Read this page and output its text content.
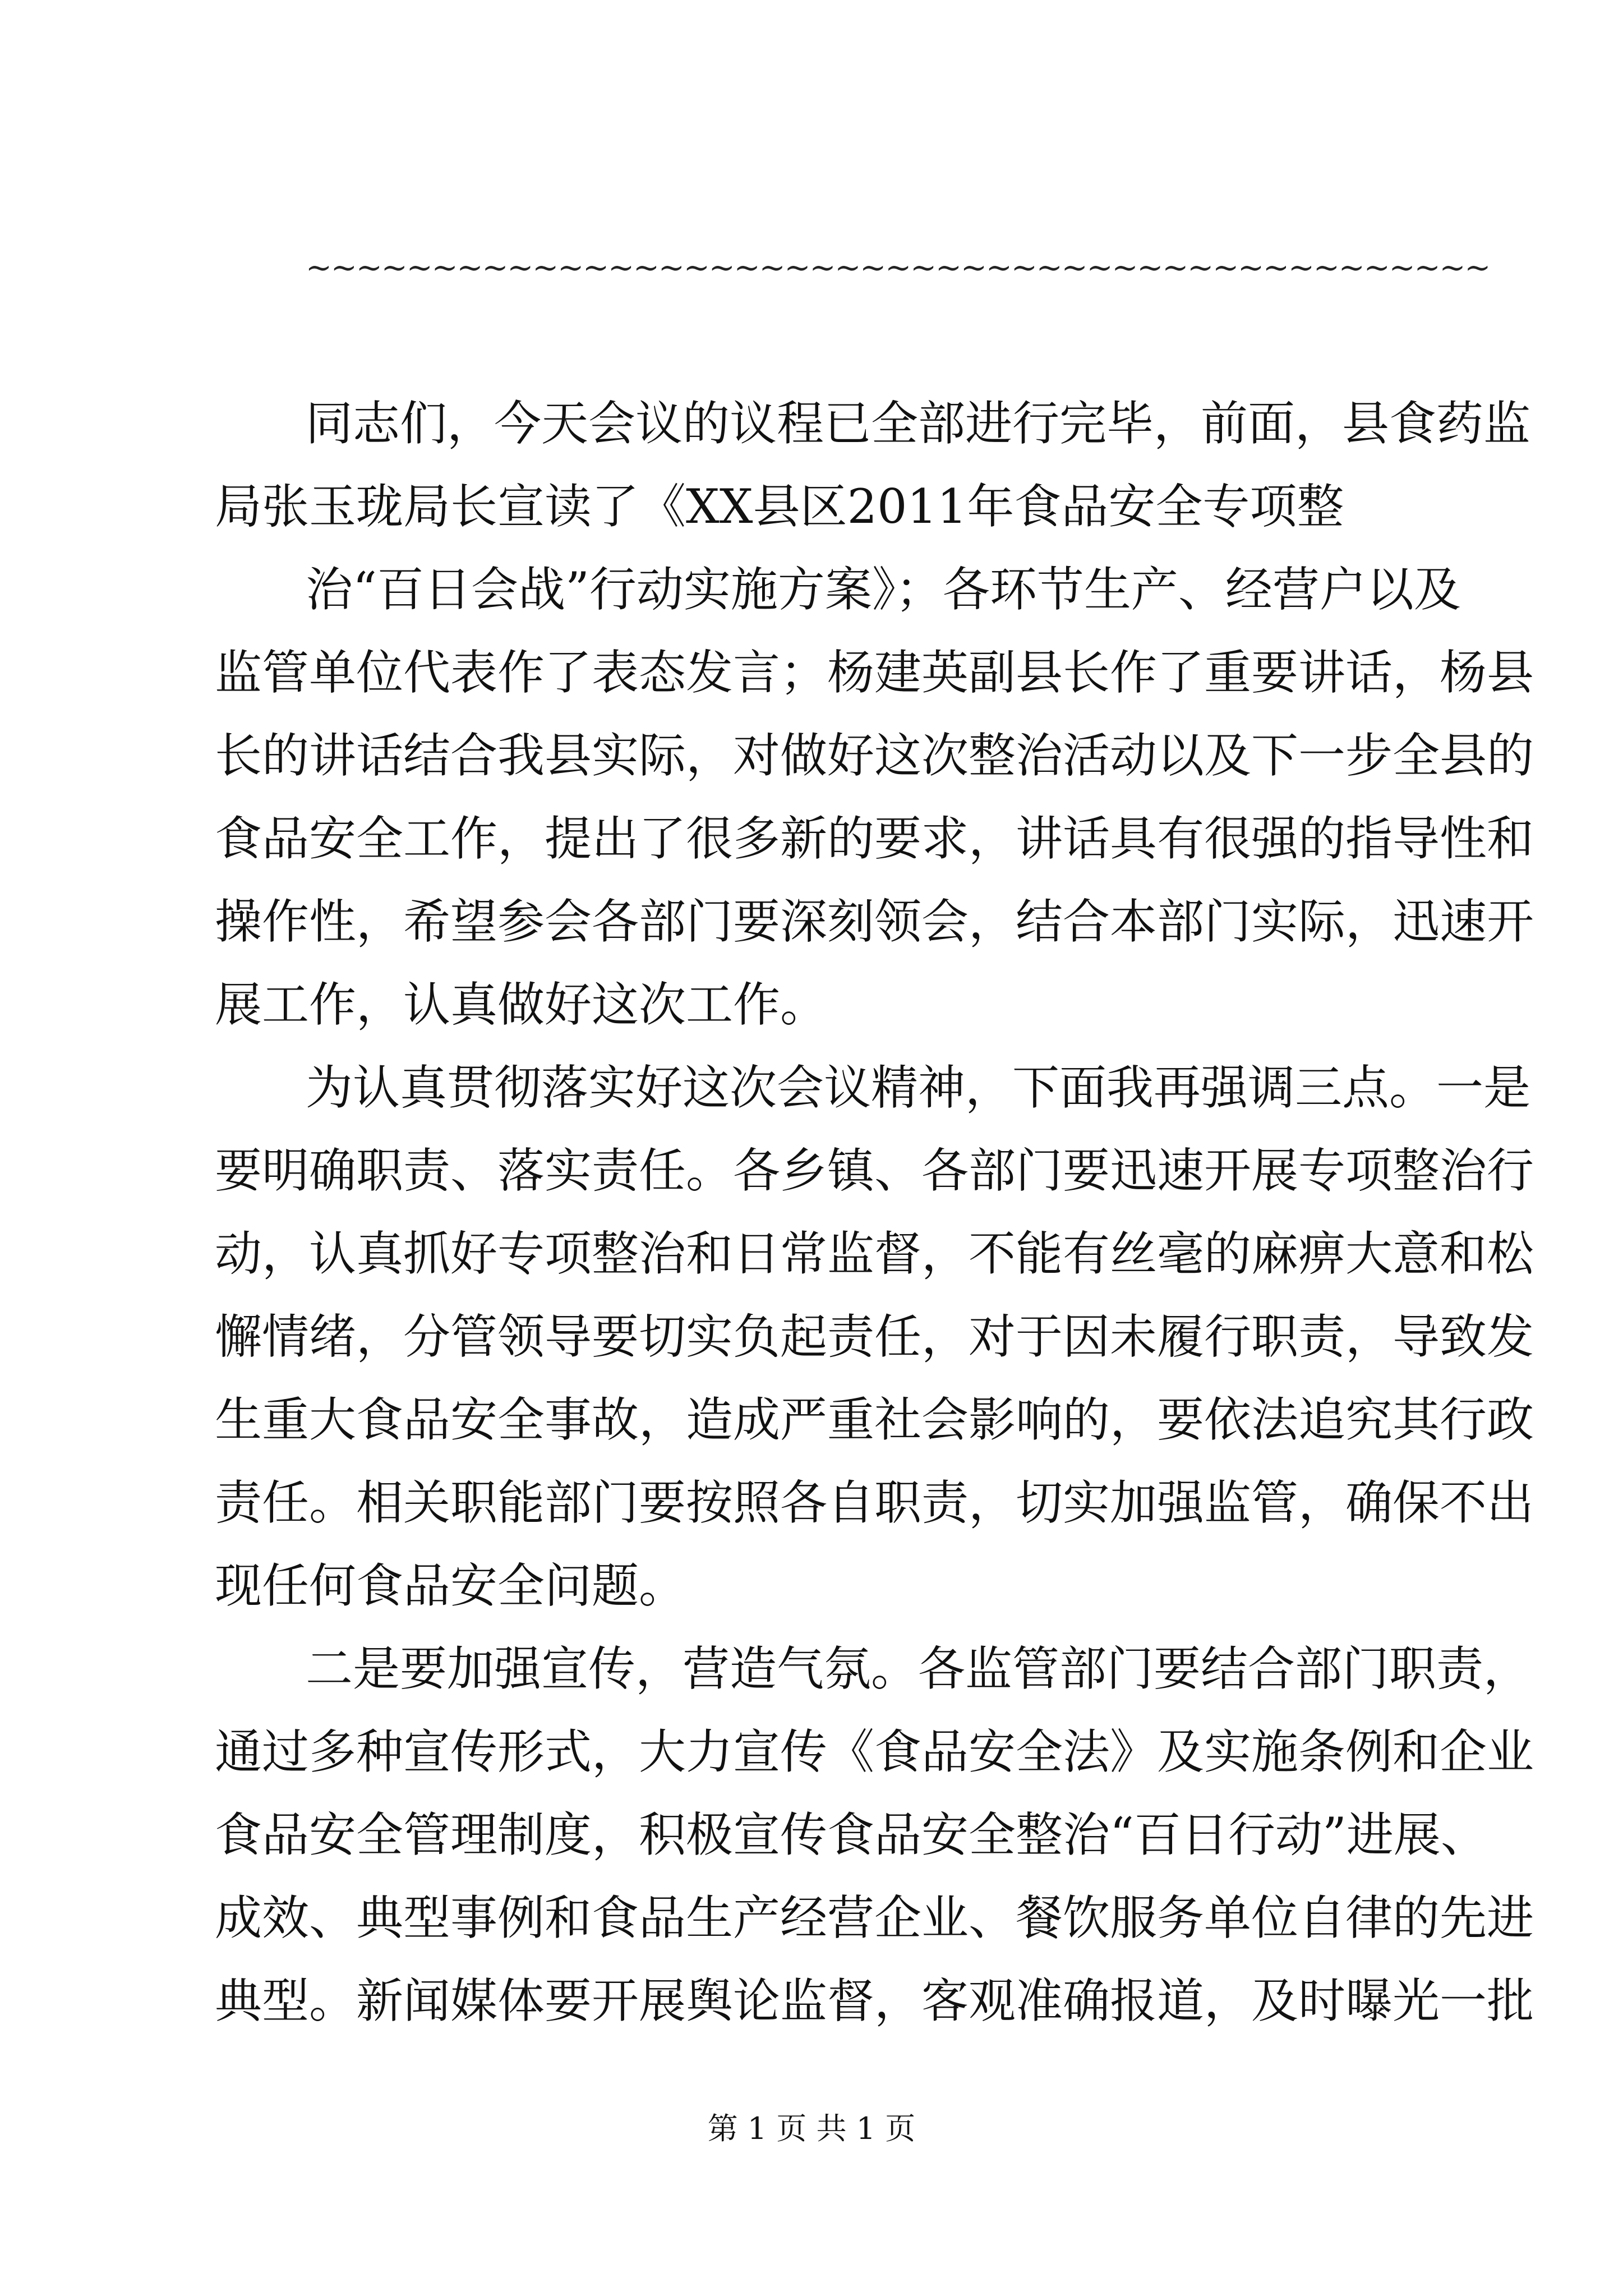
~~~~~~~~~~~~~~~~~~~~~~~~~~~~~~~~~~~~~~~~~~~~~~~
同志们，今天会议的议程已全部进行完毕，前面，县食药监
局张玉珑局长宣读了《XX县区2011年食品安全专项整
治“百日会战”行动实施方案》；各环节生产、经营户以及
监管单位代表作了表态发言；杨建英副县长作了重要讲话，杨县
长的讲话结合我县实际，对做好这次整治活动以及下一步全县的
食品安全工作，提出了很多新的要求，讲话具有很强的指导性和
操作性，希望参会各部门要深刻领会，结合本部门实际，迅速开
展工作，认真做好这次工作。
为认真贯彻落实好这次会议精神，下面我再强调三点。一是
要明确职责、落实责任。各乡镇、各部门要迅速开展专项整治行
动，认真抓好专项整治和日常监督，不能有丝毫的麻痹大意和松
懈情绪，分管领导要切实负起责任，对于因未履行职责，导致发
生重大食品安全事故，造成严重社会影响的，要依法追究其行政
责任。相关职能部门要按照各自职责，切实加强监管，确保不出
现任何食品安全问题。
二是要加强宣传，营造气氛。各监管部门要结合部门职责，
通过多种宣传形式，大力宣传《食品安全法》及实施条例和企业
食品安全管理制度，积极宣传食品安全整治“百日行动”进展、
成效、典型事例和食品生产经营企业、餐饮服务单位自律的先进
典型。新闻媒体要开展舆论监督，客观准确报道，及时曝光一批
第 1 页 共 1 页
